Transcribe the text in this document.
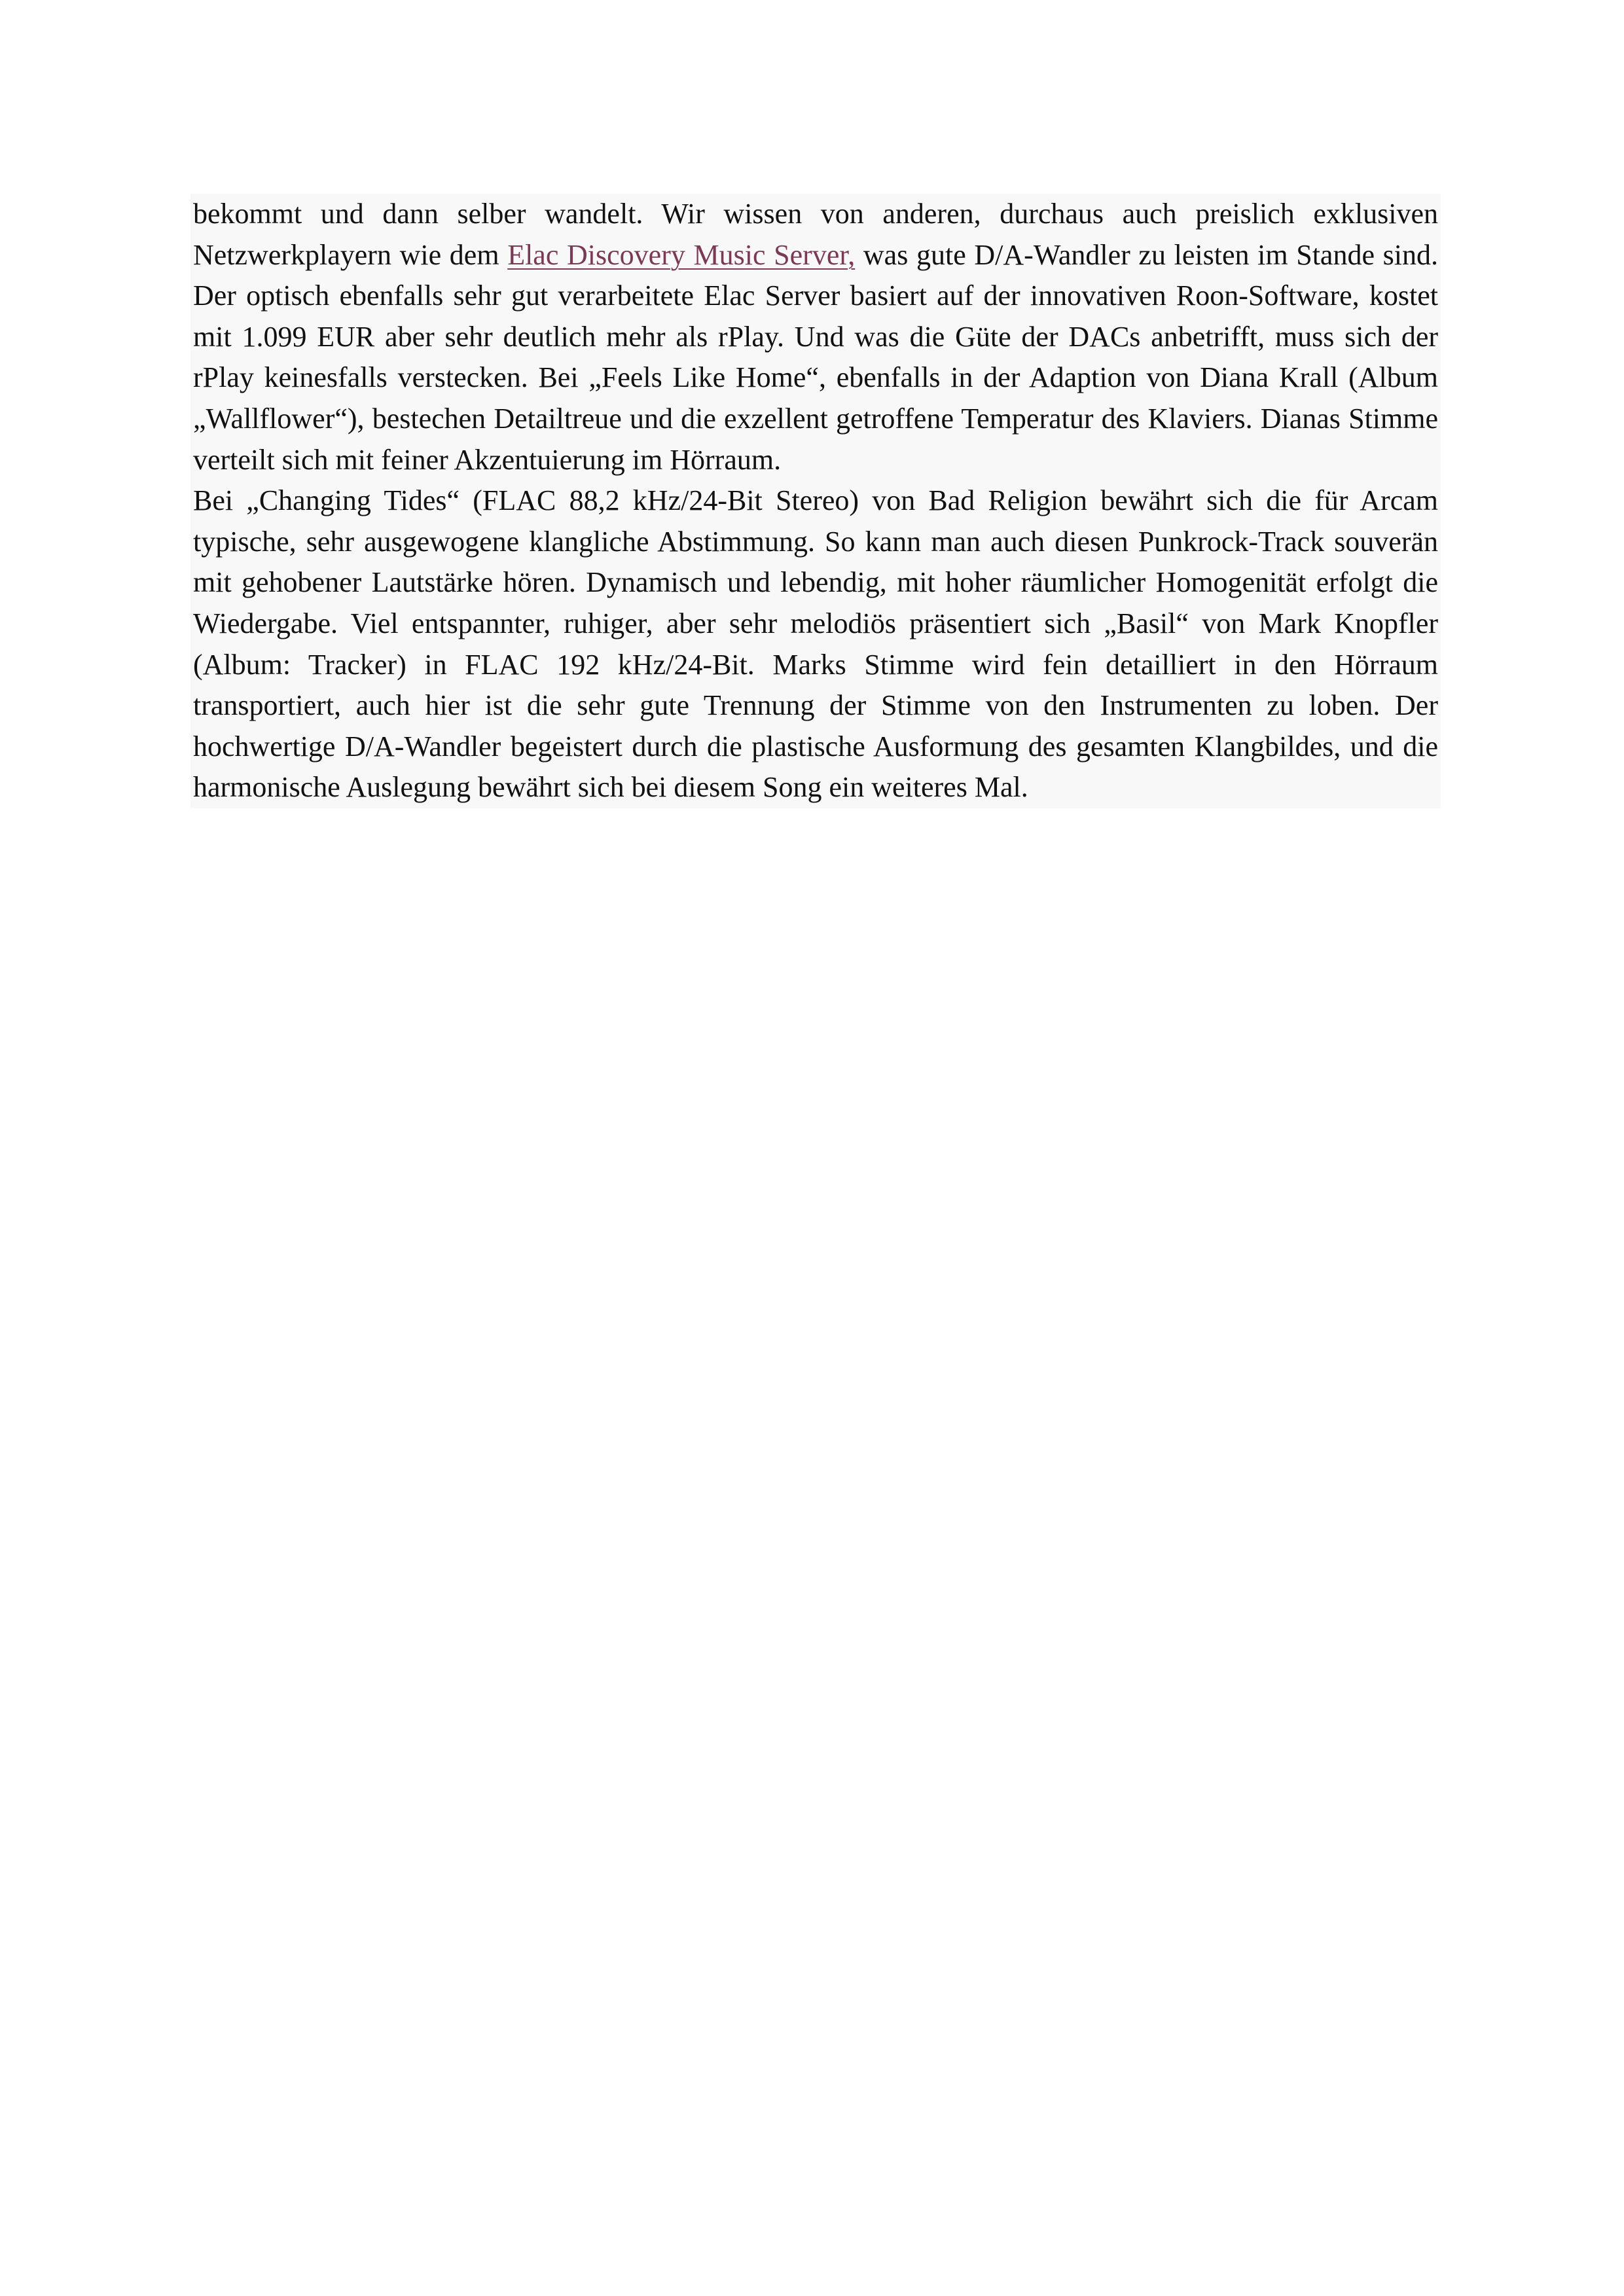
bekommt und dann selber wandelt. Wir wissen von anderen, durchaus auch preislich exklusiven Netzwerkplayern wie dem Elac Discovery Music Server, was gute D/A-Wandler zu leisten im Stande sind. Der optisch ebenfalls sehr gut verarbeitete Elac Server basiert auf der innovativen Roon-Software, kostet mit 1.099 EUR aber sehr deutlich mehr als rPlay. Und was die Güte der DACs anbetrifft, muss sich der rPlay keinesfalls verstecken. Bei „Feels Like Home“, ebenfalls in der Adaption von Diana Krall (Album „Wallflower“), bestechen Detailtreue und die exzellent getroffene Temperatur des Klaviers. Dianas Stimme verteilt sich mit feiner Akzentuierung im Hörraum.

Bei „Changing Tides“ (FLAC 88,2 kHz/24-Bit Stereo) von Bad Religion bewährt sich die für Arcam typische, sehr ausgewogene klangliche Abstimmung. So kann man auch diesen Punkrock-Track souverän mit gehobener Lautstärke hören. Dynamisch und lebendig, mit hoher räumlicher Homogenität erfolgt die Wiedergabe. Viel entspannter, ruhiger, aber sehr melodiös präsentiert sich „Basil“ von Mark Knopfler (Album: Tracker) in FLAC 192 kHz/24-Bit. Marks Stimme wird fein detailliert in den Hörraum transportiert, auch hier ist die sehr gute Trennung der Stimme von den Instrumenten zu loben. Der hochwertige D/A-Wandler begeistert durch die plastische Ausformung des gesamten Klangbildes, und die harmonische Auslegung bewährt sich bei diesem Song ein weiteres Mal.
